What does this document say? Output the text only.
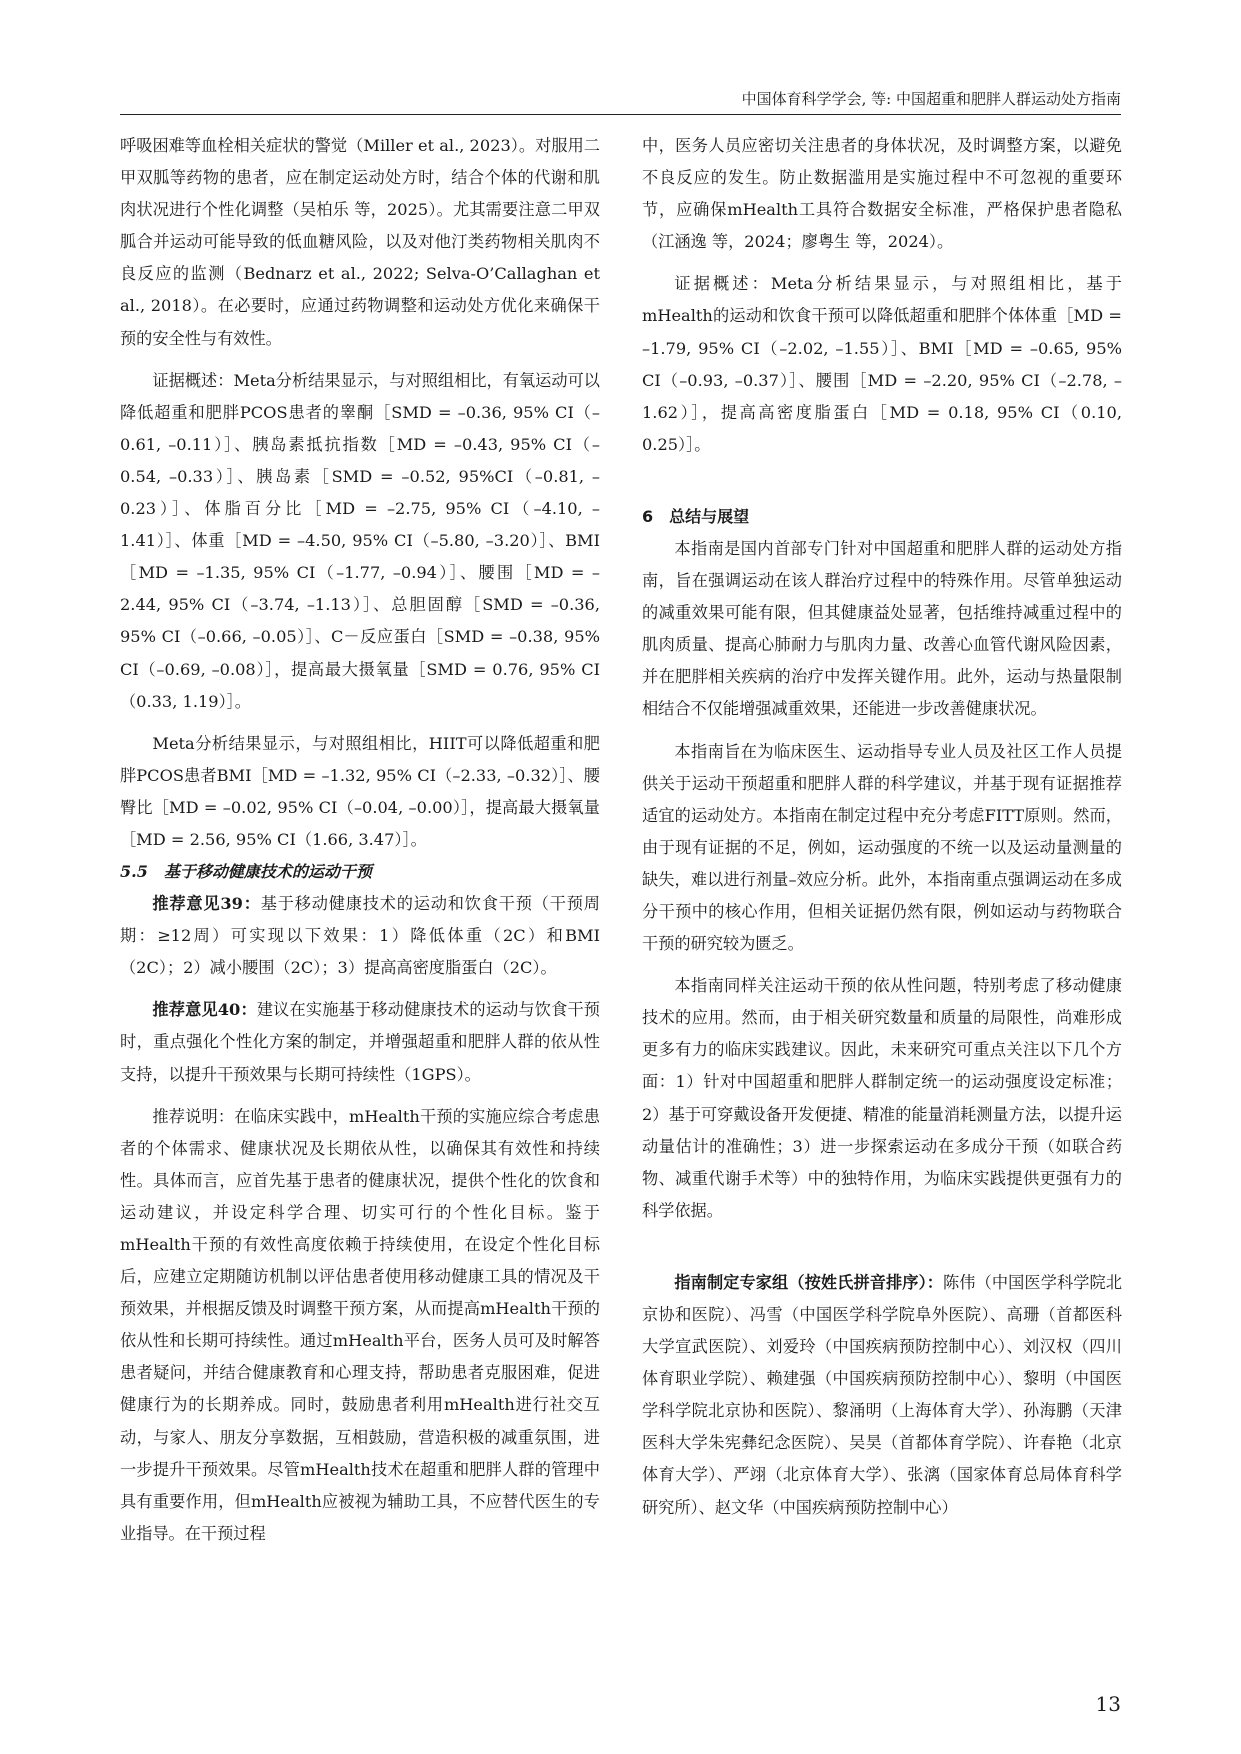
中国体育科学学会, 等: 中国超重和肥胖人群运动处方指南

呼吸困难等血栓相关症状的警觉（Miller et al., 2023）。对服用二甲双胍等药物的患者，应在制定运动处方时，结合个体的代谢和肌肉状况进行个性化调整（吴柏乐 等，2025）。尤其需要注意二甲双胍合并运动可能导致的低血糖风险，以及对他汀类药物相关肌肉不良反应的监测（Bednarz et al., 2022; Selva-O’Callaghan et al., 2018）。在必要时，应通过药物调整和运动处方优化来确保干预的安全性与有效性。

证据概述：Meta分析结果显示，与对照组相比，有氧运动可以降低超重和肥胖PCOS患者的睾酮［SMD = –0.36, 95% CI（–0.61, –0.11）］、胰岛素抵抗指数［MD = –0.43, 95% CI（–0.54, –0.33）］、胰岛素［SMD = –0.52, 95%CI（–0.81, –0.23）］、体脂百分比［MD = –2.75, 95% CI（–4.10, –1.41）］、体重［MD = –4.50, 95% CI（–5.80, –3.20）］、BMI［MD = –1.35, 95% CI（–1.77, –0.94）］、腰围［MD = –2.44, 95% CI（–3.74, –1.13）］、总胆固醇［SMD = –0.36, 95% CI（–0.66, –0.05）］、C－反应蛋白［SMD = –0.38, 95% CI（–0.69, –0.08）］，提高最大摄氧量［SMD = 0.76, 95% CI（0.33, 1.19）］。

Meta分析结果显示，与对照组相比，HIIT可以降低超重和肥胖PCOS患者BMI［MD = –1.32, 95% CI（–2.33, –0.32）］、腰臀比［MD = –0.02, 95% CI（–0.04, –0.00）］，提高最大摄氧量［MD = 2.56, 95% CI（1.66, 3.47）］。

5.5　基于移动健康技术的运动干预

推荐意见39：基于移动健康技术的运动和饮食干预（干预周期：≥12周）可实现以下效果：1）降低体重（2C）和BMI（2C）；2）减小腰围（2C）；3）提高高密度脂蛋白（2C）。

推荐意见40：建议在实施基于移动健康技术的运动与饮食干预时，重点强化个性化方案的制定，并增强超重和肥胖人群的依从性支持，以提升干预效果与长期可持续性（1GPS）。

推荐说明：在临床实践中，mHealth干预的实施应综合考虑患者的个体需求、健康状况及长期依从性，以确保其有效性和持续性。具体而言，应首先基于患者的健康状况，提供个性化的饮食和运动建议，并设定科学合理、切实可行的个性化目标。鉴于mHealth干预的有效性高度依赖于持续使用，在设定个性化目标后，应建立定期随访机制以评估患者使用移动健康工具的情况及干预效果，并根据反馈及时调整干预方案，从而提高mHealth干预的依从性和长期可持续性。通过mHealth平台，医务人员可及时解答患者疑问，并结合健康教育和心理支持，帮助患者克服困难，促进健康行为的长期养成。同时，鼓励患者利用mHealth进行社交互动，与家人、朋友分享数据，互相鼓励，营造积极的减重氛围，进一步提升干预效果。尽管mHealth技术在超重和肥胖人群的管理中具有重要作用，但mHealth应被视为辅助工具，不应替代医生的专业指导。在干预过程

中，医务人员应密切关注患者的身体状况，及时调整方案，以避免不良反应的发生。防止数据滥用是实施过程中不可忽视的重要环节，应确保mHealth工具符合数据安全标准，严格保护患者隐私（江涵逸 等，2024；廖粤生 等，2024）。

证据概述：Meta分析结果显示，与对照组相比，基于mHealth的运动和饮食干预可以降低超重和肥胖个体体重［MD = –1.79, 95% CI（–2.02, –1.55）］、BMI［MD = –0.65, 95% CI（–0.93, –0.37）］、腰围［MD = –2.20, 95% CI（–2.78, –1.62）］，提高高密度脂蛋白［MD = 0.18, 95% CI（0.10, 0.25）］。

6　总结与展望

本指南是国内首部专门针对中国超重和肥胖人群的运动处方指南，旨在强调运动在该人群治疗过程中的特殊作用。尽管单独运动的减重效果可能有限，但其健康益处显著，包括维持减重过程中的肌肉质量、提高心肺耐力与肌肉力量、改善心血管代谢风险因素，并在肥胖相关疾病的治疗中发挥关键作用。此外，运动与热量限制相结合不仅能增强减重效果，还能进一步改善健康状况。

本指南旨在为临床医生、运动指导专业人员及社区工作人员提供关于运动干预超重和肥胖人群的科学建议，并基于现有证据推荐适宜的运动处方。本指南在制定过程中充分考虑FITT原则。然而，由于现有证据的不足，例如，运动强度的不统一以及运动量测量的缺失，难以进行剂量–效应分析。此外，本指南重点强调运动在多成分干预中的核心作用，但相关证据仍然有限，例如运动与药物联合干预的研究较为匮乏。

本指南同样关注运动干预的依从性问题，特别考虑了移动健康技术的应用。然而，由于相关研究数量和质量的局限性，尚难形成更多有力的临床实践建议。因此，未来研究可重点关注以下几个方面：1）针对中国超重和肥胖人群制定统一的运动强度设定标准；2）基于可穿戴设备开发便捷、精准的能量消耗测量方法，以提升运动量估计的准确性；3）进一步探索运动在多成分干预（如联合药物、减重代谢手术等）中的独特作用，为临床实践提供更强有力的科学依据。

指南制定专家组（按姓氏拼音排序）：陈伟（中国医学科学院北京协和医院）、冯雪（中国医学科学院阜外医院）、高珊（首都医科大学宣武医院）、刘爱玲（中国疾病预防控制中心）、刘汉权（四川体育职业学院）、赖建强（中国疾病预防控制中心）、黎明（中国医学科学院北京协和医院）、黎涌明（上海体育大学）、孙海鹏（天津医科大学朱宪彝纪念医院）、吴昊（首都体育学院）、许春艳（北京体育大学）、严翊（北京体育大学）、张漓（国家体育总局体育科学研究所）、赵文华（中国疾病预防控制中心）

13
